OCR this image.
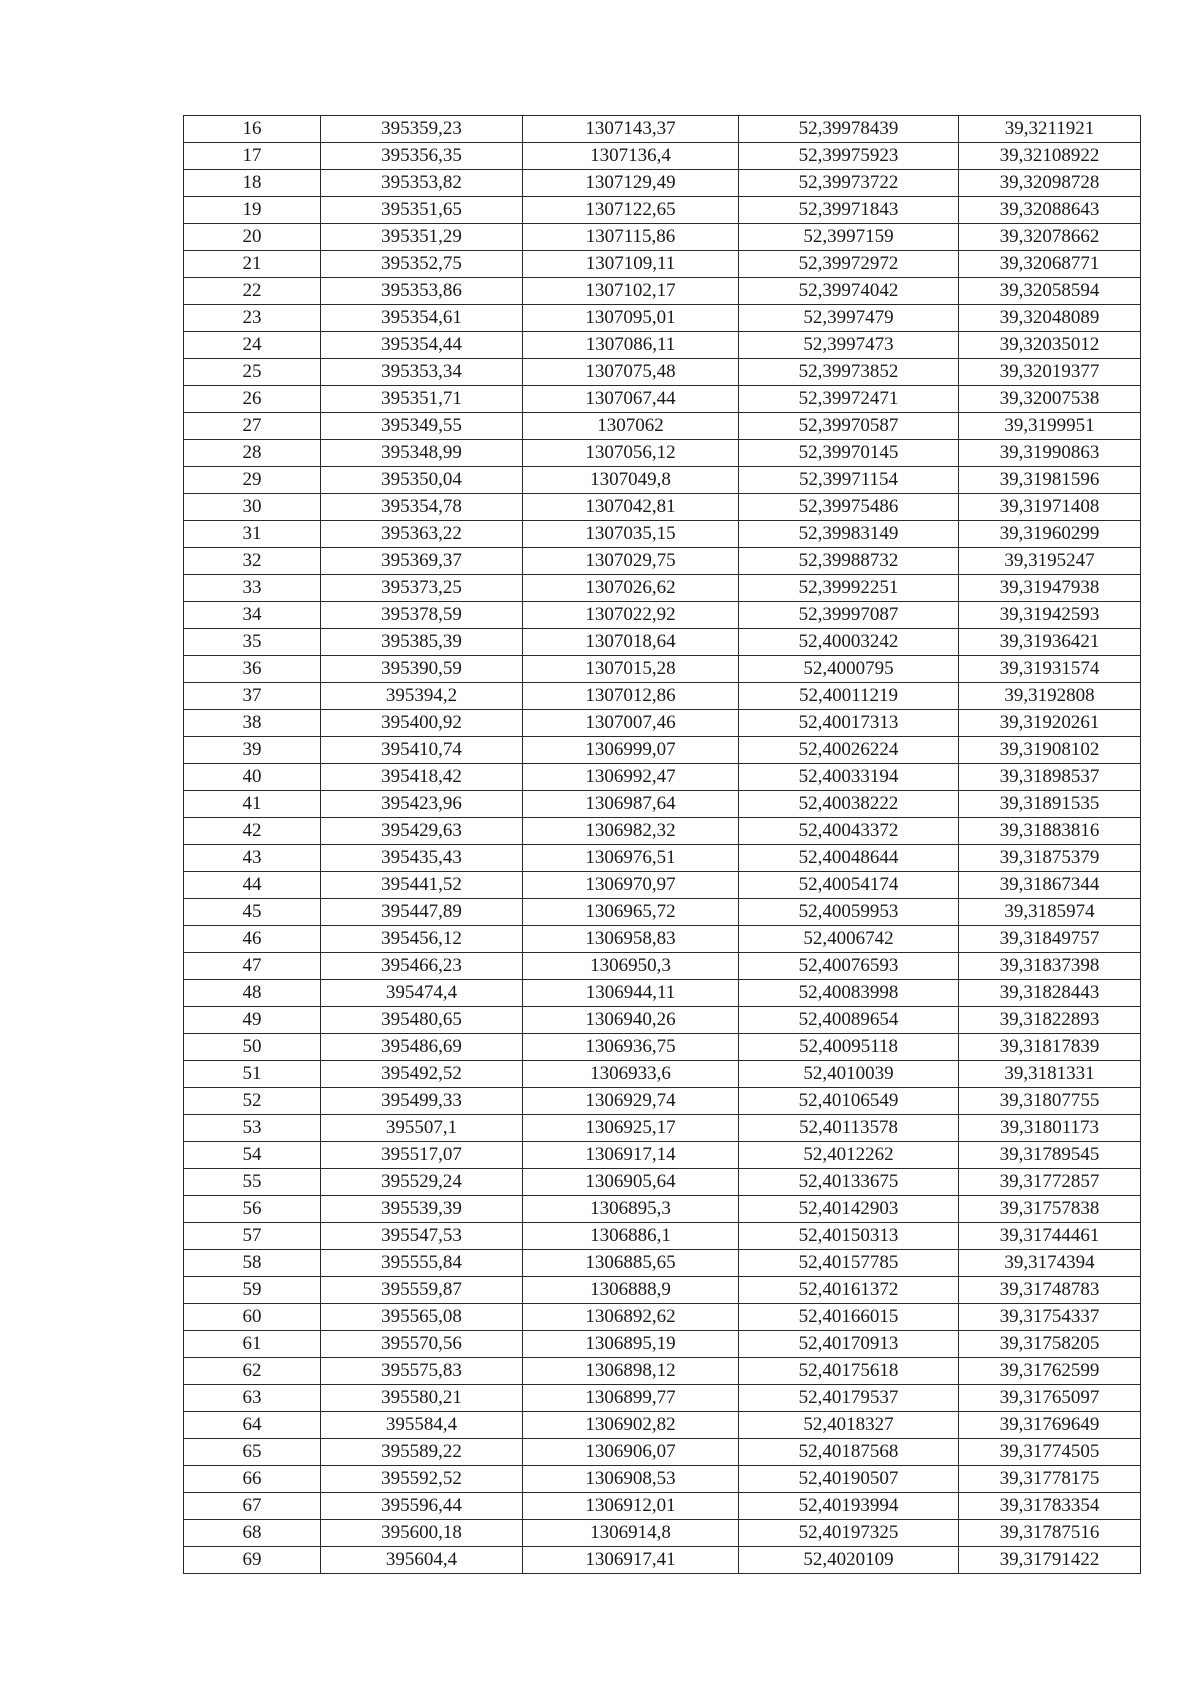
16	395359,23	1307143,37	52,39978439	39,3211921
17	395356,35	1307136,4	52,39975923	39,32108922
18	395353,82	1307129,49	52,39973722	39,32098728
19	395351,65	1307122,65	52,39971843	39,32088643
20	395351,29	1307115,86	52,3997159	39,32078662
21	395352,75	1307109,11	52,39972972	39,32068771
22	395353,86	1307102,17	52,39974042	39,32058594
23	395354,61	1307095,01	52,3997479	39,32048089
24	395354,44	1307086,11	52,3997473	39,32035012
25	395353,34	1307075,48	52,39973852	39,32019377
26	395351,71	1307067,44	52,39972471	39,32007538
27	395349,55	1307062	52,39970587	39,3199951
28	395348,99	1307056,12	52,39970145	39,31990863
29	395350,04	1307049,8	52,39971154	39,31981596
30	395354,78	1307042,81	52,39975486	39,31971408
31	395363,22	1307035,15	52,39983149	39,31960299
32	395369,37	1307029,75	52,39988732	39,3195247
33	395373,25	1307026,62	52,39992251	39,31947938
34	395378,59	1307022,92	52,39997087	39,31942593
35	395385,39	1307018,64	52,40003242	39,31936421
36	395390,59	1307015,28	52,4000795	39,31931574
37	395394,2	1307012,86	52,40011219	39,3192808
38	395400,92	1307007,46	52,40017313	39,31920261
39	395410,74	1306999,07	52,40026224	39,31908102
40	395418,42	1306992,47	52,40033194	39,31898537
41	395423,96	1306987,64	52,40038222	39,31891535
42	395429,63	1306982,32	52,40043372	39,31883816
43	395435,43	1306976,51	52,40048644	39,31875379
44	395441,52	1306970,97	52,40054174	39,31867344
45	395447,89	1306965,72	52,40059953	39,3185974
46	395456,12	1306958,83	52,4006742	39,31849757
47	395466,23	1306950,3	52,40076593	39,31837398
48	395474,4	1306944,11	52,40083998	39,31828443
49	395480,65	1306940,26	52,40089654	39,31822893
50	395486,69	1306936,75	52,40095118	39,31817839
51	395492,52	1306933,6	52,4010039	39,3181331
52	395499,33	1306929,74	52,40106549	39,31807755
53	395507,1	1306925,17	52,40113578	39,31801173
54	395517,07	1306917,14	52,4012262	39,31789545
55	395529,24	1306905,64	52,40133675	39,31772857
56	395539,39	1306895,3	52,40142903	39,31757838
57	395547,53	1306886,1	52,40150313	39,31744461
58	395555,84	1306885,65	52,40157785	39,3174394
59	395559,87	1306888,9	52,40161372	39,31748783
60	395565,08	1306892,62	52,40166015	39,31754337
61	395570,56	1306895,19	52,40170913	39,31758205
62	395575,83	1306898,12	52,40175618	39,31762599
63	395580,21	1306899,77	52,40179537	39,31765097
64	395584,4	1306902,82	52,4018327	39,31769649
65	395589,22	1306906,07	52,40187568	39,31774505
66	395592,52	1306908,53	52,40190507	39,31778175
67	395596,44	1306912,01	52,40193994	39,31783354
68	395600,18	1306914,8	52,40197325	39,31787516
69	395604,4	1306917,41	52,4020109	39,31791422
